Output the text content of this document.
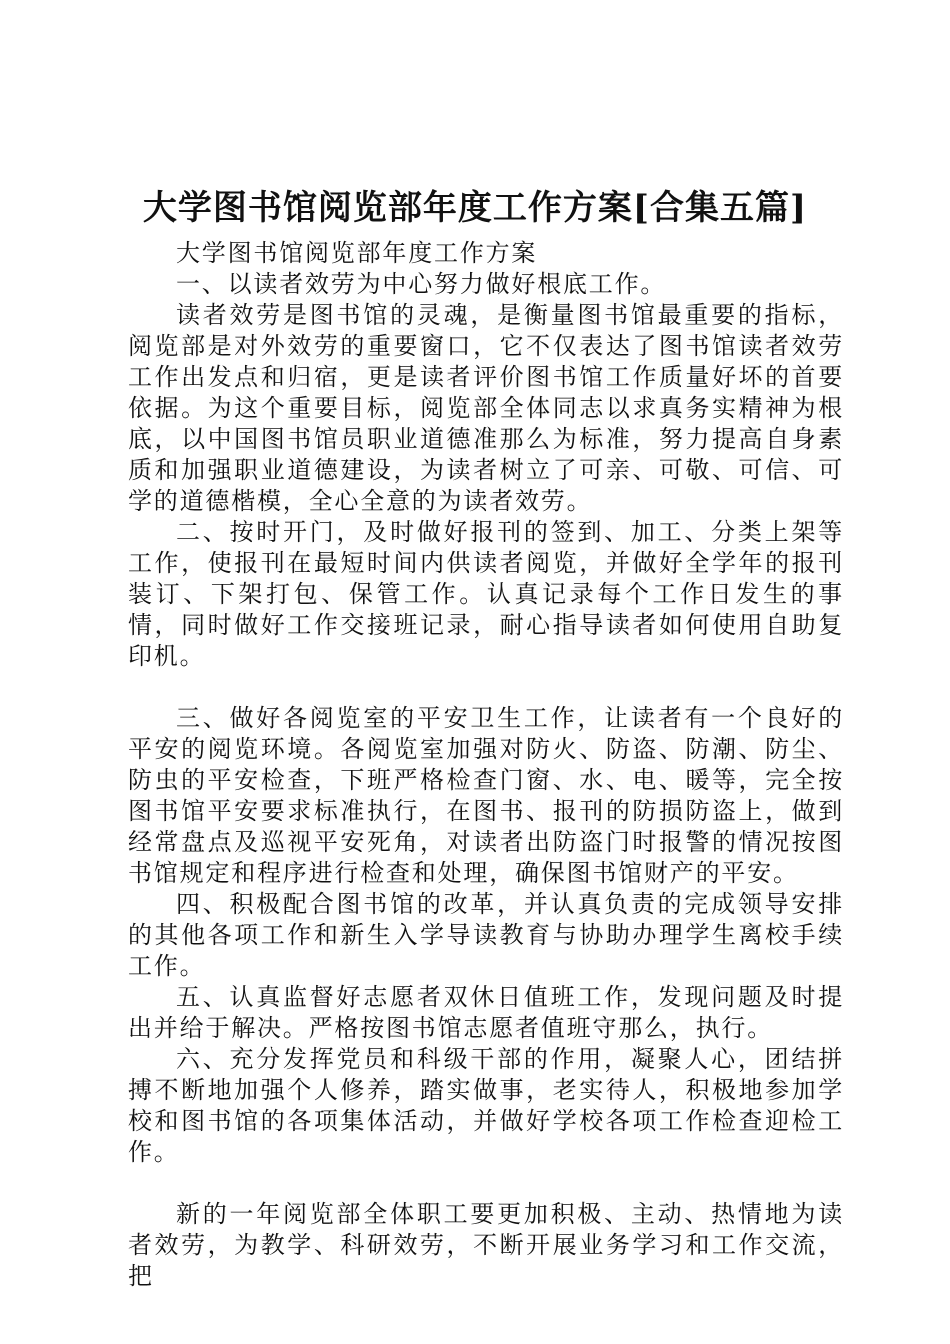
大学图书馆阅览部年度工作方案[合集五篇]

大学图书馆阅览部年度工作方案

一、以读者效劳为中心努力做好根底工作。

读者效劳是图书馆的灵魂，是衡量图书馆最重要的指标，阅览部是对外效劳的重要窗口，它不仅表达了图书馆读者效劳工作出发点和归宿，更是读者评价图书馆工作质量好坏的首要依据。为这个重要目标，阅览部全体同志以求真务实精神为根底，以中国图书馆员职业道德准那么为标准，努力提高自身素质和加强职业道德建设，为读者树立了可亲、可敬、可信、可学的道德楷模，全心全意的为读者效劳。

二、按时开门，及时做好报刊的签到、加工、分类上架等工作，使报刊在最短时间内供读者阅览，并做好全学年的报刊装订、下架打包、保管工作。认真记录每个工作日发生的事情，同时做好工作交接班记录，耐心指导读者如何使用自助复印机。

三、做好各阅览室的平安卫生工作，让读者有一个良好的平安的阅览环境。各阅览室加强对防火、防盗、防潮、防尘、防虫的平安检查，下班严格检查门窗、水、电、暖等，完全按图书馆平安要求标准执行，在图书、报刊的防损防盗上，做到经常盘点及巡视平安死角，对读者出防盗门时报警的情况按图书馆规定和程序进行检查和处理，确保图书馆财产的平安。

四、积极配合图书馆的改革，并认真负责的完成领导安排的其他各项工作和新生入学导读教育与协助办理学生离校手续工作。

五、认真监督好志愿者双休日值班工作，发现问题及时提出并给于解决。严格按图书馆志愿者值班守那么，执行。

六、充分发挥党员和科级干部的作用，凝聚人心，团结拼搏不断地加强个人修养，踏实做事，老实待人，积极地参加学校和图书馆的各项集体活动，并做好学校各项工作检查迎检工作。

新的一年阅览部全体职工要更加积极、主动、热情地为读者效劳，为教学、科研效劳，不断开展业务学习和工作交流，把
